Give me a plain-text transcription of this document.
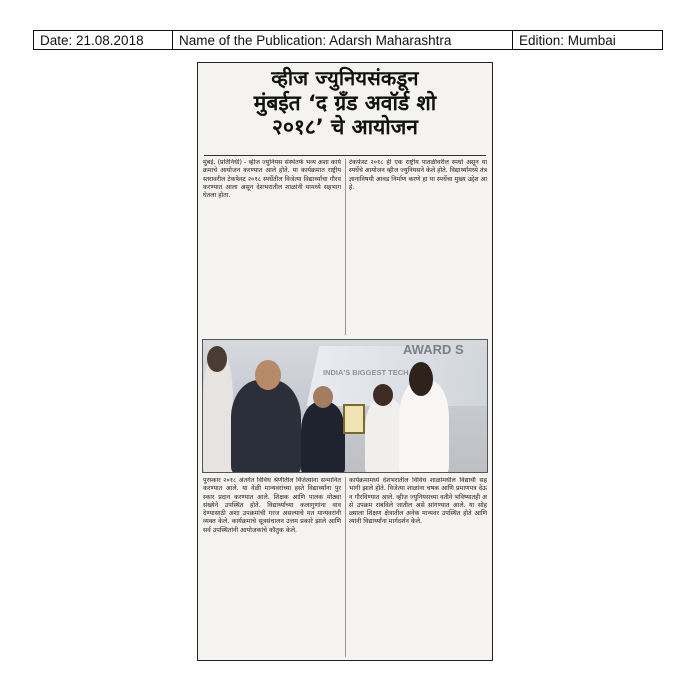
Date: 21.08.2018	Name of the Publication: Adarsh Maharashtra	Edition: Mumbai
व्हीज ज्युनियसंकडून
मुंबईत ‘द ग्रँड अवॉर्ड शो
२०१८’ चे आयोजन
मुंबई, (प्रतिनिधी) - व्हीज ज्युनियस संस्थेतर्फे भव्य अशा कार्यक्रमाचे आयोजन करण्यात आले होते. या कार्यक्रमात राष्ट्रीय स्तरावरील टेकफेस्ट २०१८ स्पर्धेतील विजेत्या विद्यार्थ्यांचा गौरव करण्यात आला असून देशभरातील शाळांनी यामध्ये सहभाग घेतला होता.
टेकफेस्ट २०१८ ही एक राष्ट्रीय पातळीवरील स्पर्धा असून या स्पर्धेचे आयोजन व्हीज ज्युनियसने केले होते. विद्यार्थ्यांमध्ये तंत्रज्ञानाविषयी आवड निर्माण करणे हा या स्पर्धेचा मुख्य उद्देश आहे.
AWARD S
INDIA'S BIGGEST TECH
पुरस्कार २०१८ अंतर्गत विविध श्रेणीतील विजेत्यांना सन्मानित करण्यात आले. या वेळी मान्यवरांच्या हस्ते विद्यार्थ्यांना पुरस्कार प्रदान करण्यात आले. शिक्षक आणि पालक मोठ्या संख्येने उपस्थित होते. विद्यार्थ्यांच्या कलागुणांना वाव देण्यासाठी अशा उपक्रमांची गरज असल्याचे मत मान्यवरांनी व्यक्त केले. कार्यक्रमाचे सूत्रसंचालन उत्तम प्रकारे झाले आणि सर्व उपस्थितांनी आयोजकांचे कौतुक केले.
कार्यक्रमामध्ये देशभरातील विविध शाळांमधील विद्यार्थी सहभागी झाले होते. विजेत्या शाळांना चषक आणि प्रमाणपत्र देऊन गौरविण्यात आले. व्हीज ज्युनियसच्या वतीने भविष्यातही असे उपक्रम राबविले जातील असे सांगण्यात आले. या सोहळ्याला शिक्षण क्षेत्रातील अनेक मान्यवर उपस्थित होते आणि त्यांनी विद्यार्थ्यांना मार्गदर्शन केले.
